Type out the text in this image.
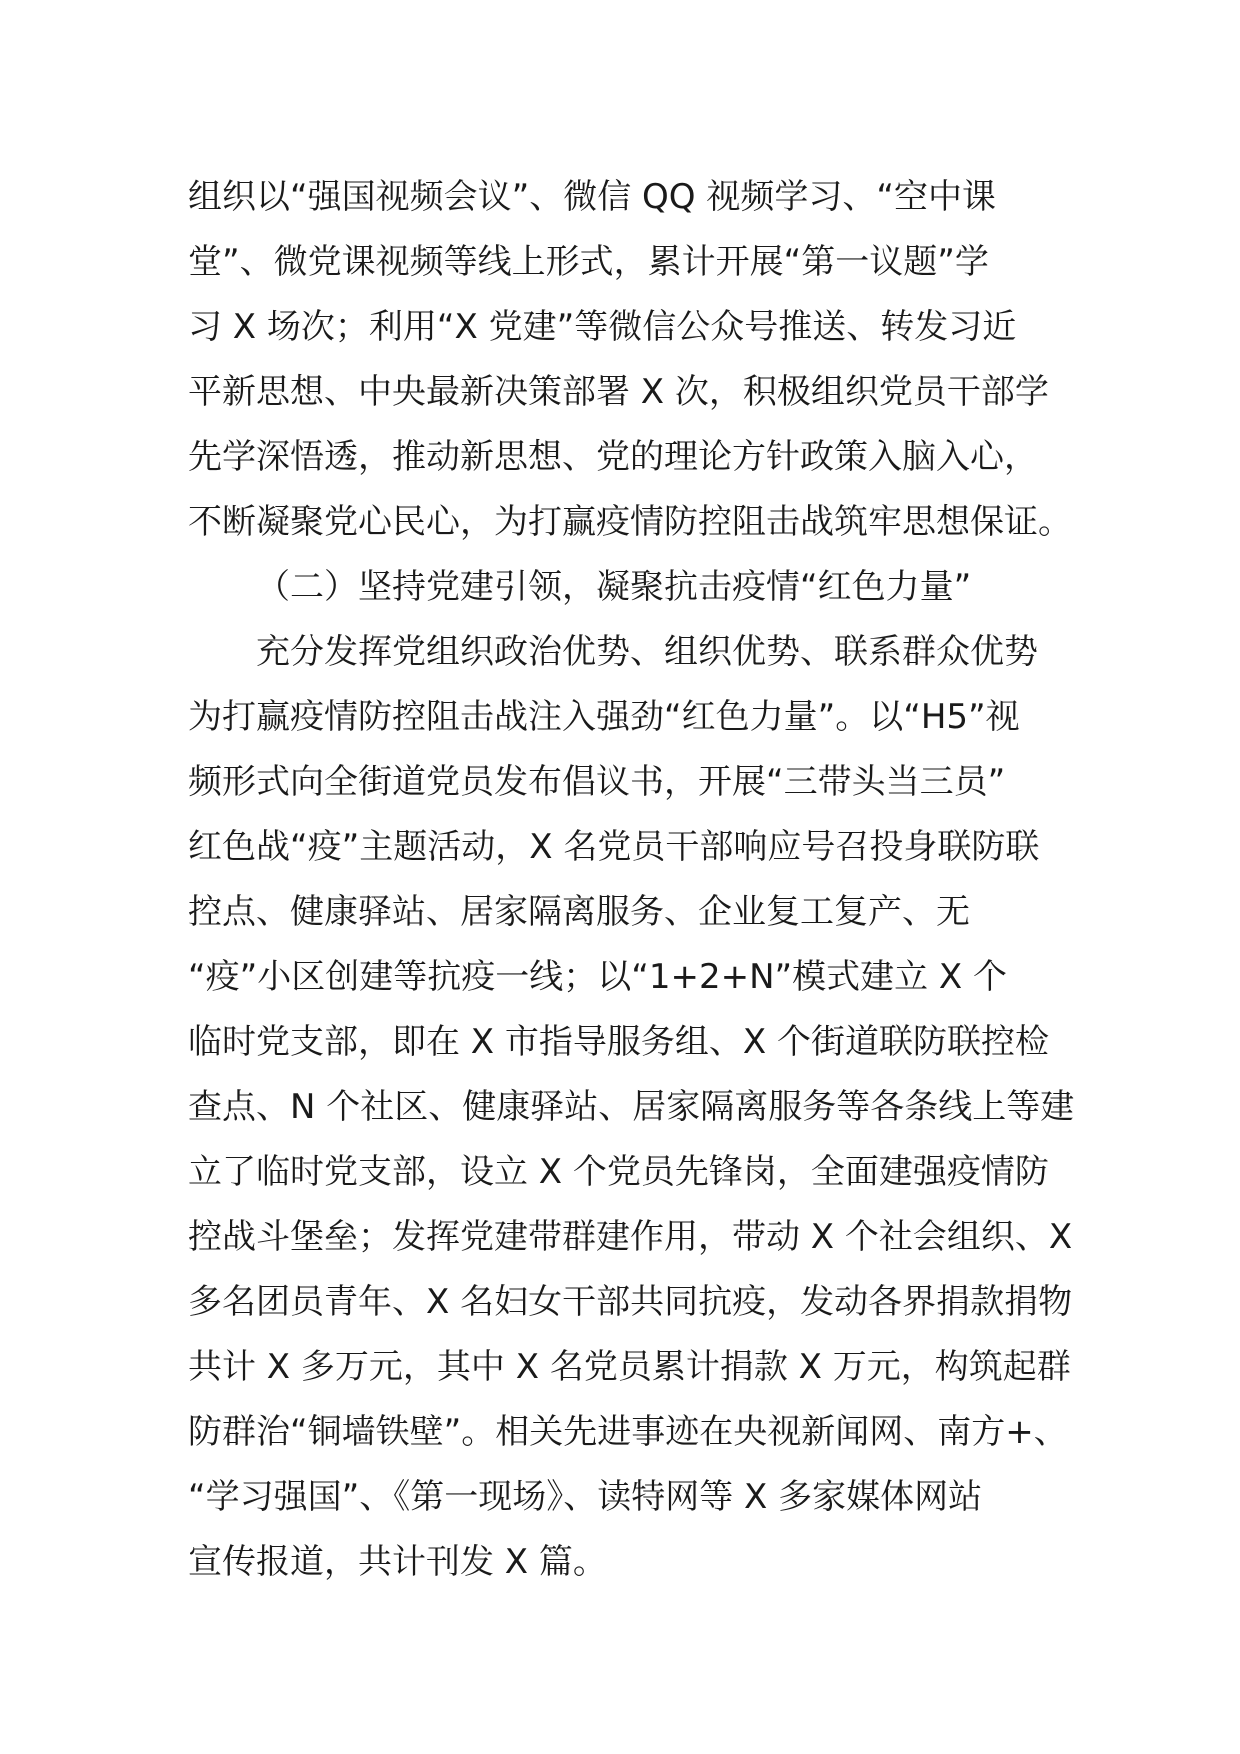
组织以“强国视频会议”、微信 QQ 视频学习、“空中课
堂”、微党课视频等线上形式，累计开展“第一议题”学
习 X 场次；利用“X 党建”等微信公众号推送、转发习近
平新思想、中央最新决策部署 X 次，积极组织党员干部学
先学深悟透，推动新思想、党的理论方针政策入脑入心，
不断凝聚党心民心，为打赢疫情防控阻击战筑牢思想保证。
（二）坚持党建引领，凝聚抗击疫情“红色力量”
充分发挥党组织政治优势、组织优势、联系群众优势
为打赢疫情防控阻击战注入强劲“红色力量”。以“H5”视
频形式向全街道党员发布倡议书，开展“三带头当三员”
红色战“疫”主题活动，X 名党员干部响应号召投身联防联
控点、健康驿站、居家隔离服务、企业复工复产、无
“疫”小区创建等抗疫一线；以“1+2+N”模式建立 X 个
临时党支部，即在 X 市指导服务组、X 个街道联防联控检
查点、N 个社区、健康驿站、居家隔离服务等各条线上等建
立了临时党支部，设立 X 个党员先锋岗，全面建强疫情防
控战斗堡垒；发挥党建带群建作用，带动 X 个社会组织、X
多名团员青年、X 名妇女干部共同抗疫，发动各界捐款捐物
共计 X 多万元，其中 X 名党员累计捐款 X 万元，构筑起群
防群治“铜墙铁壁”。相关先进事迹在央视新闻网、南方+、
“学习强国”、《第一现场》、读特网等 X 多家媒体网站
宣传报道，共计刊发 X 篇。
